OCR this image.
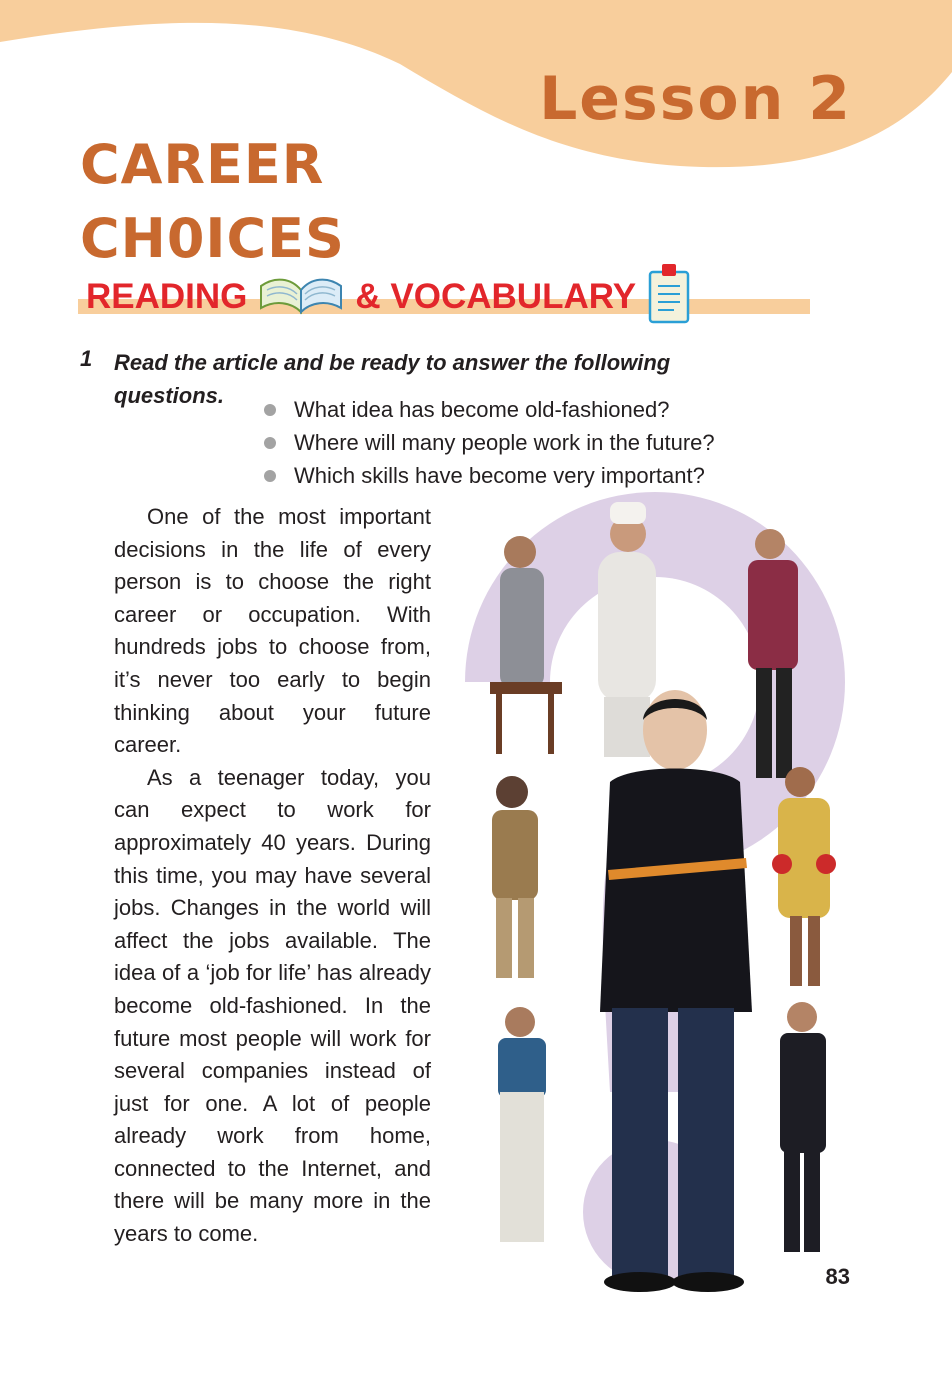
Lesson 2
CAREER
CH0ICES
READING	& VOCABULARY
1 Read the article and be ready to answer the following questions.
What idea has become old-fashioned?
Where will many people work in the future?
Which skills have become very important?

One of the most important decisions in the life of every person is to choose the right career or occupation. With hundreds jobs to choose from, it’s never too early to begin thinking about your future career.

As a teenager today, you can expect to work for approximately 40 years. During this time, you may have several jobs. Changes in the world will affect the jobs available. The idea of a ‘job for life’ has already become old-fashioned. In the future most people will work for several companies instead of just for one. A lot of people already work from home, connected to the Internet, and there will be many more in the years to come.

83
